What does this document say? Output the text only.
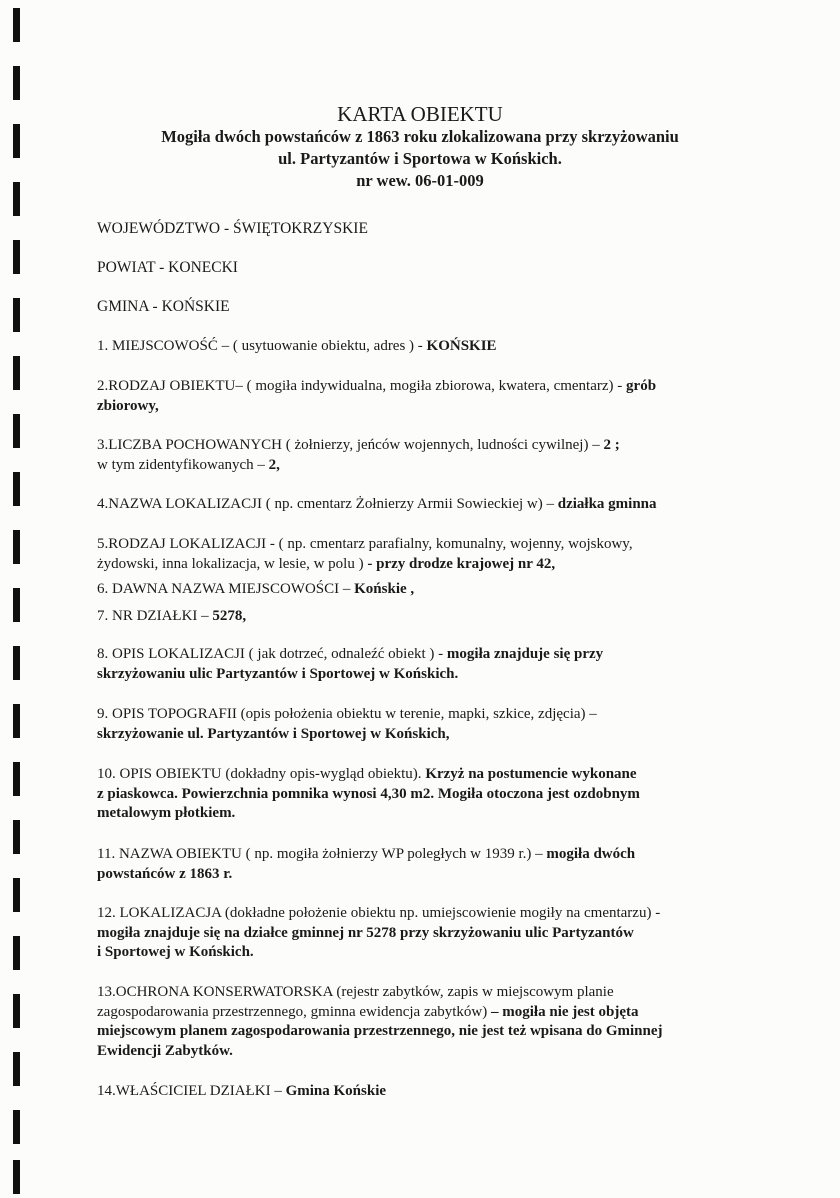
KARTA OBIEKTU
Mogiła dwóch powstańców z 1863 roku zlokalizowana przy skrzyżowaniu
ul. Partyzantów i Sportowa w Końskich.
nr wew. 06-01-009
WOJEWÓDZTWO - ŚWIĘTOKRZYSKIE
POWIAT - KONECKI
GMINA - KOŃSKIE
1. MIEJSCOWOŚĆ – ( usytuowanie obiektu, adres ) - KOŃSKIE
2.RODZAJ OBIEKTU– ( mogiła indywidualna, mogiła zbiorowa, kwatera, cmentarz) - grób
zbiorowy,
3.LICZBA POCHOWANYCH ( żołnierzy, jeńców wojennych, ludności cywilnej) – 2 ;
w tym zidentyfikowanych – 2,
4.NAZWA LOKALIZACJI ( np. cmentarz Żołnierzy Armii Sowieckiej w) – działka gminna
5.RODZAJ LOKALIZACJI - ( np. cmentarz parafialny, komunalny, wojenny, wojskowy,
żydowski, inna lokalizacja, w lesie, w polu ) - przy drodze krajowej nr 42,
6. DAWNA NAZWA MIEJSCOWOŚCI – Końskie ,
7. NR DZIAŁKI – 5278,
8. OPIS LOKALIZACJI ( jak dotrzeć, odnaleźć obiekt ) - mogiła znajduje się przy
skrzyżowaniu ulic Partyzantów i Sportowej w Końskich.
9. OPIS TOPOGRAFII (opis położenia obiektu w terenie, mapki, szkice, zdjęcia) –
skrzyżowanie ul. Partyzantów i Sportowej w Końskich,
10. OPIS OBIEKTU (dokładny opis-wygląd obiektu). Krzyż na postumencie wykonane
z piaskowca. Powierzchnia pomnika wynosi 4,30 m2. Mogiła otoczona jest ozdobnym
metalowym płotkiem.
11. NAZWA OBIEKTU ( np. mogiła żołnierzy WP poległych w 1939 r.) – mogiła dwóch
powstańców z 1863 r.
12. LOKALIZACJA (dokładne położenie obiektu np. umiejscowienie mogiły na cmentarzu) -
mogiła znajduje się na działce gminnej nr 5278 przy skrzyżowaniu ulic Partyzantów
i Sportowej w Końskich.
13.OCHRONA KONSERWATORSKA (rejestr zabytków, zapis w miejscowym planie
zagospodarowania przestrzennego, gminna ewidencja zabytków) – mogiła nie jest objęta
miejscowym planem zagospodarowania przestrzennego, nie jest też wpisana do Gminnej
Ewidencji Zabytków.
14.WŁAŚCICIEL DZIAŁKI – Gmina Końskie
